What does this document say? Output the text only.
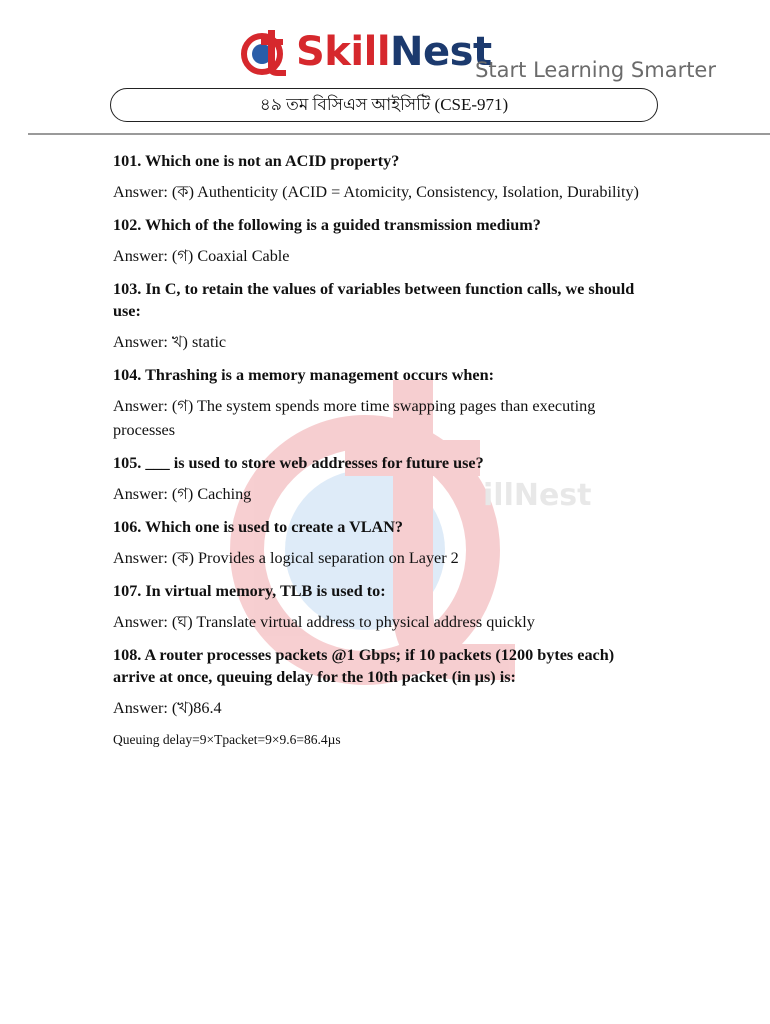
illNest
SkillNest
Start Learning Smarter
৪৯ তম বিসিএস আইসিটি (CSE-971)

101. Which one is not an ACID property?

Answer: (ক) Authenticity (ACID = Atomicity, Consistency, Isolation, Durability)

102. Which of the following is a guided transmission medium?

Answer: (গ) Coaxial Cable

103. In C, to retain the values of variables between function calls, we should use:

Answer: খ) static

104. Thrashing is a memory management occurs when:

Answer: (গ) The system spends more time swapping pages than executing processes

105. ___ is used to store web addresses for future use?

Answer: (গ) Caching

106. Which one is used to create a VLAN?

Answer: (ক) Provides a logical separation on Layer 2

107. In virtual memory, TLB is used to:

Answer: (ঘ) Translate virtual address to physical address quickly

108. A router processes packets @1 Gbps; if 10 packets (1200 bytes each) arrive at once, queuing delay for the 10th packet (in µs) is:

Answer: (খ)86.4

Queuing delay=9×Tpacket=9×9.6=86.4µs
